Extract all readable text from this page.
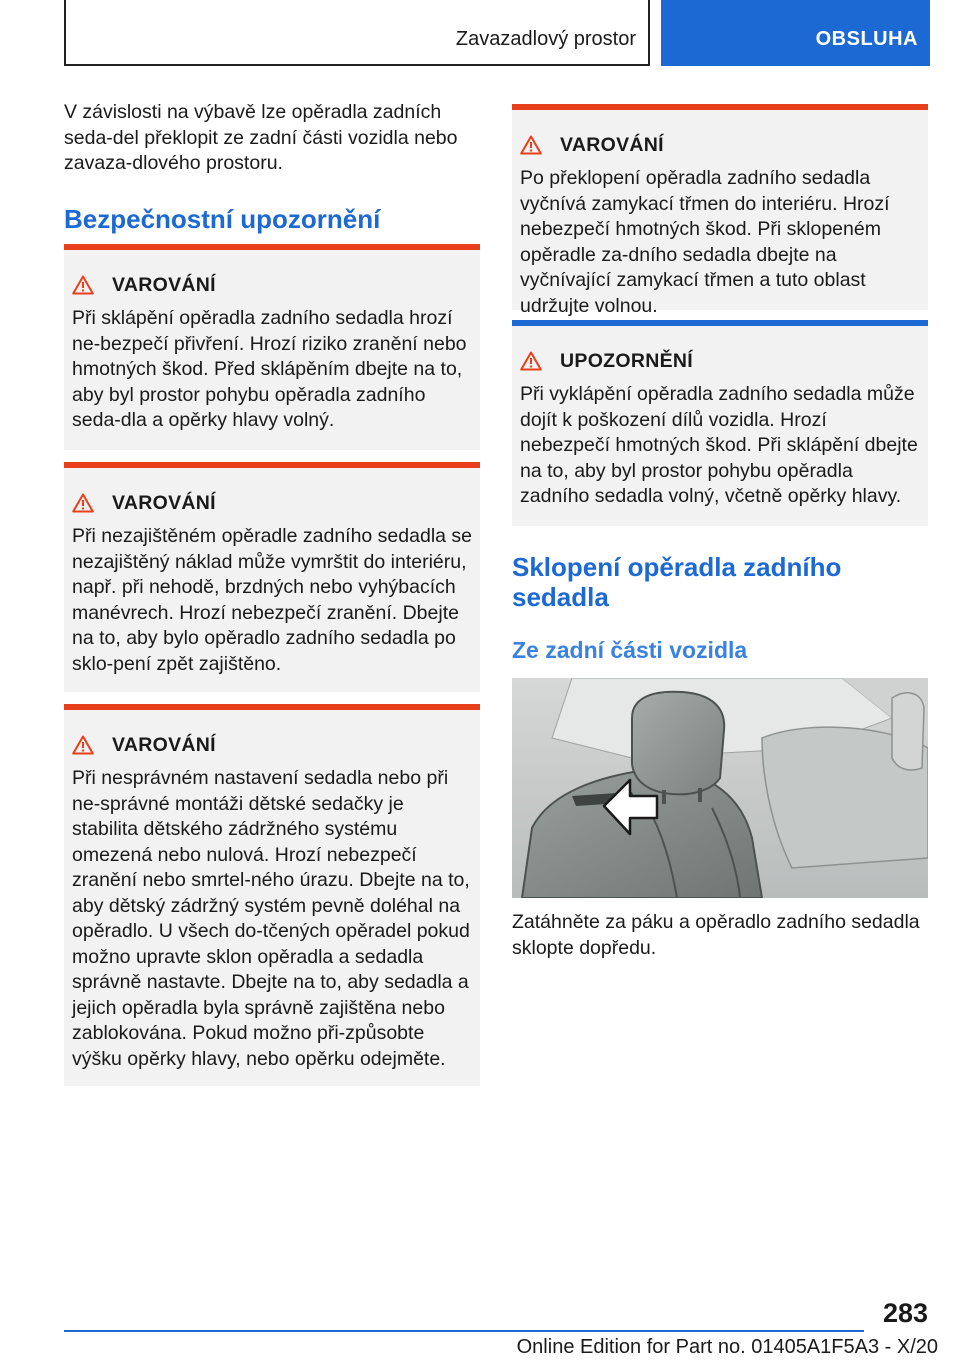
Zavazadlový prostor	OBSLUHA

V závislosti na výbavě lze opěradla zadních seda-del překlopit ze zadní části vozidla nebo zavaza-dlového prostoru.

Bezpečnostní upozornění
VAROVÁNÍ

Při sklápění opěradla zadního sedadla hrozí ne-bezpečí přivření. Hrozí riziko zranění nebo hmotných škod. Před sklápěním dbejte na to, aby byl prostor pohybu opěradla zadního seda-dla a opěrky hlavy volný.

VAROVÁNÍ

Při nezajištěném opěradle zadního sedadla se nezajištěný náklad může vymrštit do interiéru, např. při nehodě, brzdných nebo vyhýbacích manévrech. Hrozí nebezpečí zranění. Dbejte na to, aby bylo opěradlo zadního sedadla po sklo-pení zpět zajištěno.

VAROVÁNÍ

Při nesprávném nastavení sedadla nebo při ne-správné montáži dětské sedačky je stabilita dětského zádržného systému omezená nebo nulová. Hrozí nebezpečí zranění nebo smrtel-ného úrazu. Dbejte na to, aby dětský zádržný systém pevně doléhal na opěradlo. U všech do-tčených opěradel pokud možno upravte sklon opěradla a sedadla správně nastavte. Dbejte na to, aby sedadla a jejich opěradla byla správně zajištěna nebo zablokována. Pokud možno při-způsobte výšku opěrky hlavy, nebo opěrku odejměte.

VAROVÁNÍ

Po překlopení opěradla zadního sedadla vyčnívá zamykací třmen do interiéru. Hrozí nebezpečí hmotných škod. Při sklopeném opěradle za-dního sedadla dbejte na vyčnívající zamykací třmen a tuto oblast udržujte volnou.

UPOZORNĚNÍ

Při vyklápění opěradla zadního sedadla může dojít k poškození dílů vozidla. Hrozí nebezpečí hmotných škod. Při sklápění dbejte na to, aby byl prostor pohybu opěradla zadního sedadla volný, včetně opěrky hlavy.

Sklopení opěradla zadního sedadla
Ze zadní části vozidla

Zatáhněte za páku a opěradlo zadního sedadla sklopte dopředu.

283
Online Edition for Part no. 01405A1F5A3 - X/20
